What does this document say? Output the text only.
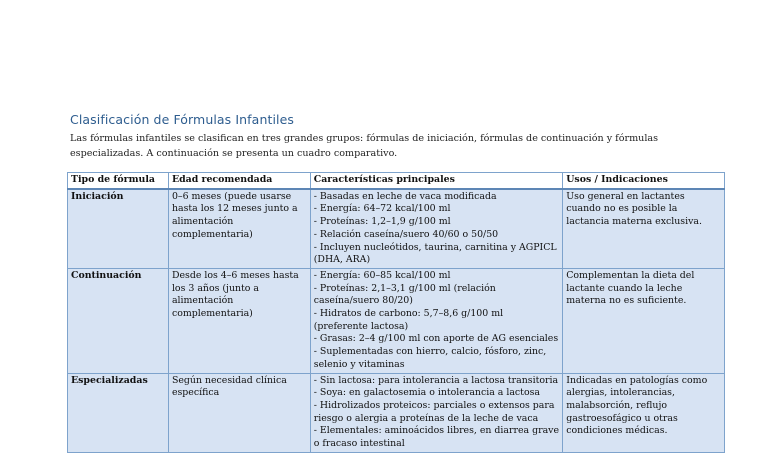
Clasificación de Fórmulas Infantiles

Las fórmulas infantiles se clasifican en tres grandes grupos: fórmulas de iniciación, fórmulas de continuación y fórmulas especializadas. A continuación se presenta un cuadro comparativo.

Tipo de fórmula	Edad recomendada	Características principales	Usos / Indicaciones
Iniciación	0–6 meses (puede usarse hasta los 12 meses junto a alimentación complementaria)	- Basadas en leche de vaca modificada
- Energía: 64–72 kcal/100 ml
- Proteínas: 1,2–1,9 g/100 ml
- Relación caseína/suero 40/60 o 50/50
- Incluyen nucleótidos, taurina, carnitina y AGPICL (DHA, ARA)	Uso general en lactantes cuando no es posible la lactancia materna exclusiva.
Continuación	Desde los 4–6 meses hasta los 3 años (junto a alimentación complementaria)	- Energía: 60–85 kcal/100 ml
- Proteínas: 2,1–3,1 g/100 ml (relación caseína/suero 80/20)
- Hidratos de carbono: 5,7–8,6 g/100 ml (preferente lactosa)
- Grasas: 2–4 g/100 ml con aporte de AG esenciales
- Suplementadas con hierro, calcio, fósforo, zinc, selenio y vitaminas	Complementan la dieta del lactante cuando la leche materna no es suficiente.
Especializadas	Según necesidad clínica específica	- Sin lactosa: para intolerancia a lactosa transitoria
- Soya: en galactosemia o intolerancia a lactosa
- Hidrolizados proteicos: parciales o extensos para riesgo o alergia a proteínas de la leche de vaca
- Elementales: aminoácidos libres, en diarrea grave o fracaso intestinal	Indicadas en patologías como alergias, intolerancias, malabsorción, reflujo gastroesofágico u otras condiciones médicas.
